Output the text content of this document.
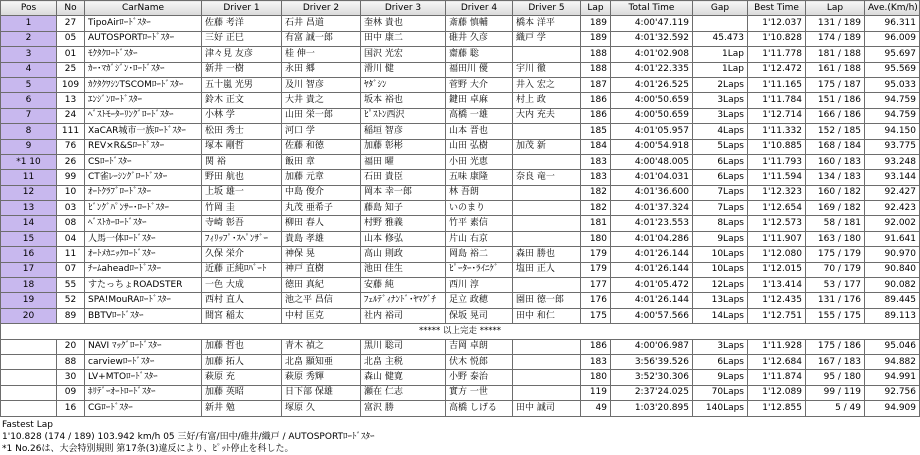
Pos	No	CarName	Driver 1	Driver 2	Driver 3	Driver 4	Driver 5	Lap	Total Time	Gap	Best Time	Lap	Ave.(Km/h)
1	27	TipoAirﾛｰﾄﾞｽﾀｰ	佐藤 考洋	石井 昌道	奎林 貴也	斎藤 慎輔	橋本 洋平	189	4:00'47.119		1'12.037	131 / 189	96.311
2	05	AUTOSPORTﾛｰﾄﾞｽﾀｰ	三好 正巳	有富 誠一郎	田中 康二	碓井 久彦	織戸 学	189	4:01'32.592	45.473	1'10.828	174 / 189	96.009
3	01	ﾓｸﾀｸﾛｰﾄﾞｽﾀｰ	津々見 友彦	桂 伸一	国沢 光宏	齋藤 聡		188	4:01'02.908	1Lap	1'11.778	181 / 188	95.697
4	25	ｶｰ･ﾏｶﾞｼﾞﾝ･ﾛｰﾄﾞｽﾀｰ	新井 一樹	永田 郷	滑川 健	福田川 優	宇川 徹	188	4:01'22.335	1Lap	1'12.472	161 / 188	95.569
5	109	ｶｸﾀｸﾜｼﾝTSCOMﾛｰﾄﾞｽﾀｰ	五十嵐 光男	及川 智彦	ﾔﾀﾞｼﾝ	菅野 大介	井入 宏之	187	4:01'26.525	2Laps	1'11.165	175 / 187	95.033
6	13	ｴﾝｼﾞﾝﾛｰﾄﾞｽﾀｰ	鈴木 正文	大井 貴之	坂本 裕也	鍵田 卓麻	村上 政	186	4:00'50.659	3Laps	1'11.784	151 / 186	94.759
7	24	ﾍﾞｽﾄﾓｰﾀｰﾘﾝｸﾞﾛｰﾄﾞｽﾀｰ	小林 学	山田 栄一郎	ﾋﾟｽﾄﾝ西沢	高橋 一雄	大内 充夫	186	4:00'50.659	3Laps	1'12.714	166 / 186	94.759
8	111	XaCAR城市一族ﾛｰﾄﾞｽﾀｰ	松田 秀士	河口 学	稲垣 智彦	山本 晋也		185	4:01'05.957	4Laps	1'11.332	152 / 185	94.150
9	76	REV×R&Sﾛｰﾄﾞｽﾀｰ	塚本 剛哲	佐藤 和徳	加藤 彰彬	山田 弘樹	加茂 新	184	4:00'54.918	5Laps	1'10.885	168 / 184	93.775
*1 10	26	CSﾛｰﾄﾞｽﾀｰ	関 裕	飯田 章	福田 曜	小田 光恵		183	4:00'48.005	6Laps	1'11.793	160 / 183	93.248
11	99	CT雀ﾚｰｼﾝｸﾞﾛｰﾄﾞｽﾀｰ	野田 航也	加藤 元章	石田 貴臣	五味 康隆	奈良 竜一	183	4:01'04.031	6Laps	1'11.594	134 / 183	93.144
12	10	ｵｰﾄｸﾗﾌﾞﾛｰﾄﾞｽﾀｰ	上坂 雄一	中島 俊介	岡本 幸一郎	林 吾朗		182	4:01'36.600	7Laps	1'12.323	160 / 182	92.427
13	03	ﾋﾞﾝｸﾞﾊﾟﾝｻｰ･ﾛｰﾄﾞｽﾀｰ	竹岡 圭	丸茂 亜希子	藤島 知子	いのまり		182	4:01'37.324	7Laps	1'12.654	169 / 182	92.423
14	08	ﾍﾞｽﾄｶｰﾛｰﾄﾞｽﾀｰ	寺崎 彰吾	柳田 春人	村野 雅義	竹平 素信		181	4:01'23.553	8Laps	1'12.573	58 / 181	92.002
15	04	人馬一体ﾛｰﾄﾞｽﾀｰ	ﾌｨﾘｯﾌﾟ･ｽﾍﾟﾝｻﾞｰ	貴島 孝雄	山本 修弘	片山 右京		180	4:01'04.286	9Laps	1'11.907	163 / 180	91.641
16	11	ｵｰﾄﾒｶﾆｯｸﾛｰﾄﾞｽﾀｰ	久保 栄介	神保 晃	高山 則政	岡島 裕二	森田 勝也	179	4:01'26.144	10Laps	1'12.080	175 / 179	90.970
17	07	ﾁｰﾑaheadﾛｰﾄﾞｽﾀｰ	近藤 正純ﾛﾊﾞｰﾄ	神戸 直樹	池田 佳生	ﾋﾟｰﾀｰ･ﾗｲﾆｹﾞ	塩田 正人	179	4:01'26.144	10Laps	1'12.015	70 / 179	90.840
18	55	すたっちょROADSTER	一色 大成	徳田 真紀	安藤 純	西川 淳		177	4:01'05.472	12Laps	1'13.414	53 / 177	90.082
19	52	SPA!MouRAﾛｰﾄﾞｽﾀｰ	西村 直人	池之平 昌信	ﾌｪﾙﾃﾞｨﾅﾝﾄﾞ･ﾔﾏｸﾞﾁ	足立 政穂	園田 徳一郎	176	4:01'26.144	13Laps	1'12.435	131 / 176	89.445
20	89	BBTVﾛｰﾄﾞｽﾀｰ	間宮 稲太	中村 匡克	社内 裕司	保坂 晃司	田中 和仁	175	4:00'57.566	14Laps	1'12.751	155 / 175	89.113
***** 以上完走 *****													
	20	NAVI ﾏｯｸﾞﾛｰﾄﾞｽﾀｰ	加藤 哲也	青木 禎之	黒川 聡司	吉岡 卓朗		186	4:00'06.987	3Laps	1'11.928	175 / 186	95.046
	88	carviewﾛｰﾄﾞｽﾀｰ	加藤 拓人	北畠 顯知亜	北畠 主税	伏木 悦郎		183	3:56'39.526	6Laps	1'12.684	167 / 183	94.882
	30	LV+MTOﾛｰﾄﾞｽﾀｰ	萩原 充	萩原 秀輝	森山 健寛	小野 泰治		180	3:52'30.306	9Laps	1'11.874	95 / 180	94.991
	09	ﾎﾘﾃﾞｰｵｰﾄﾛｰﾄﾞｽﾀｰ	加藤 英昭	日下部 保雄	瀬在 仁志	實方 一世		119	2:37'24.025	70Laps	1'12.089	99 / 119	92.756
	16	CGﾛｰﾄﾞｽﾀｰ	新井 勉	塚原 久	富沢 勝	高橋 しげる	田中 誠司	49	1:03'20.895	140Laps	1'12.855	5 / 49	94.909
Fastest Lap
1'10.828 (174 / 189) 103.942 km/h 05 三好/有富/田中/碓井/織戸 / AUTOSPORTﾛｰﾄﾞｽﾀｰ
*1 No.26は、大会特別規則 第17条(3)違反により、ﾋﾟｯﾄ停止を科した。
